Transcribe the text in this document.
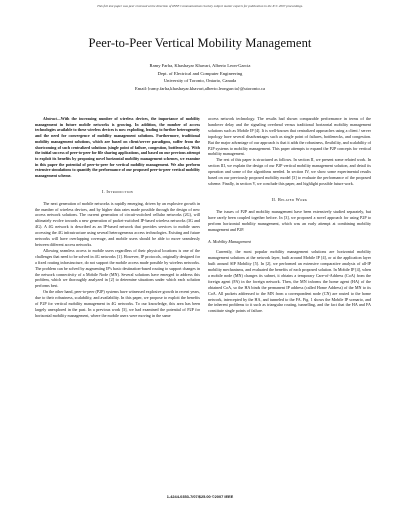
This full text paper was peer reviewed at the direction of IEEE Communications Society subject matter experts for publication in the ICC 2007 proceedings.
Peer-to-Peer Vertical Mobility Management
Ramy Farha, Khashayar Khavari, Alberto Leon-Garcia
Dept. of Electrical and Computer Engineering
University of Toronto, Ontario, Canada
Email:{ramy.farha,khashayar.khavari,alberto.leongarcia}@utoronto.ca

Abstract—With the increasing number of wireless devices, the importance of mobility management in future mobile networks is growing. In addition, the number of access technologies available to these wireless devices is now exploding, leading to further heterogeneity and the need for convergence of mobility management solutions. Furthermore, traditional mobility management solutions, which are based on client/server paradigms, suffer from the shortcoming of such centralized solutions (single point of failure, congestion, bottlenecks). With the initial success of peer-to-peer for file sharing applications, and based on our previous attempt to exploit its benefits by proposing novel horizontal mobility management schemes, we examine in this paper the potential of peer-to-peer for vertical mobility management. We also perform extensive simulations to quantify the performance of our proposed peer-to-peer vertical mobility management scheme.

I. Introduction

The next generation of mobile networks is rapidly emerging, driven by an explosive growth in the number of wireless devices, and by higher data rates made possible through the design of new access network solutions. The current generation of circuit-switched cellular networks (2G), will ultimately evolve towards a new generation of packet-switched IP-based wireless networks (3G and 4G). A 4G network is described as an IP-based network that provides services to mobile users accessing the 4G infrastructure using several heterogeneous access technologies. Existing and future networks will have overlapping coverage, and mobile users should be able to move seamlessly between different access networks.

Allowing seamless access to mobile users regardless of their physical locations is one of the challenges that need to be solved in 4G networks [1]. However, IP protocols, originally designed for a fixed routing infrastructure, do not support the mobile access made possible by wireless networks. The problem can be solved by augmenting IP's basic destination-based routing to support changes in the network connectivity of a Mobile Node (MN). Several solutions have emerged to address this problem, which we thoroughly analyzed in [2] to determine situations under which each solution performs best.

On the other hand, peer-to-peer (P2P) systems have witnessed explosive growth in recent years, due to their robustness, scalability, and availability. In this paper, we propose to exploit the benefits of P2P for vertical mobility management in 4G networks. To our knowledge, this area has been largely unexplored in the past. In a previous work [3], we had examined the potential of P2P for horizontal mobility management, where the mobile users were moving in the same

access network technology. The results had shown comparable performance in terms of the handover delay and the signaling overhead versus traditional horizontal mobility management solutions such as Mobile IP [4]. It is well-known that centralized approaches using a client / server topology have several disadvantages such as single point of failures, bottlenecks, and congestion. But the major advantage of our approach is that it adds the robustness, flexibility, and scalability of P2P systems to mobility management. This paper attempts to expand the P2P concepts for vertical mobility management.

The rest of this paper is structured as follows. In section II, we present some related work. In section III, we explain the design of our P2P vertical mobility management solution, and detail its operation and some of the algorithms needed. In section IV, we show some experimental results based on our previously proposed mobility model [3] to evaluate the performance of the proposed scheme. Finally, in section V, we conclude this paper, and highlight possible future work.

II. Related Work

The issues of P2P and mobility management have been extensively studied separately, but have rarely been coupled together before. In [3], we proposed a novel approach for using P2P to perform horizontal mobility management, which was an early attempt at combining mobility management and P2P.

A. Mobility Management

Currently, the most popular mobility management solutions are horizontal mobility management solutions at the network layer, built around Mobile IP [4], or at the application layer built around SIP Mobility [5]. In [2], we performed an extensive comparative analysis of all-IP mobility mechanisms, and evaluated the benefits of each proposed solution. In Mobile IP [4], when a mobile node (MN) changes its subnet, it obtains a temporary Care-of-Address (CoA) from the foreign agent (FA) in the foreign network. Then, the MN informs the home agent (HA) of the obtained CoA, so the HA binds the permanent IP address (called Home Address) of the MN to its CoA. All packets addressed to the MN from a correspondent node (CN) are routed to the home network, intercepted by the HA, and tunneled to the FA. Fig. 1 shows the Mobile IP scenario, and the inherent problems to it such as triangular routing, tunnelling, and the fact that the HA and FA constitute single points of failure.

1-4244-0353-7/07/$25.00 ©2007 IEEE
